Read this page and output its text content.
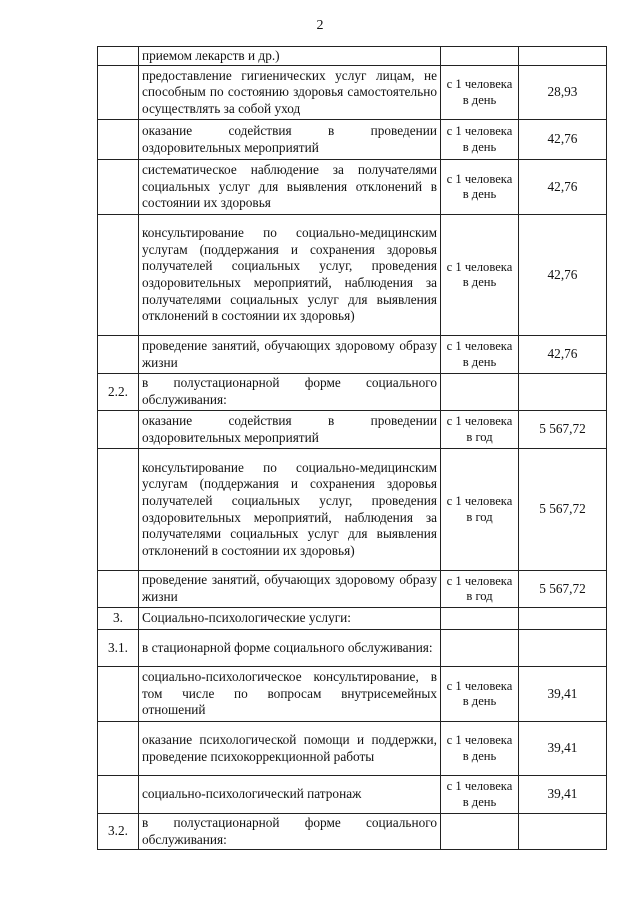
2
	приемом лекарств и др.)		
	предоставление гигиенических услуг лицам, не способным по состоянию здоровья самостоятельно осуществлять за собой уход	с 1 человека в день	28,93
	оказание содействия в проведении оздоровительных мероприятий	с 1 человека в день	42,76
	систематическое наблюдение за получателями социальных услуг для выявления отклонений в состоянии их здоровья	с 1 человека в день	42,76
	консультирование по социально-медицинским услугам (поддержания и сохранения здоровья получателей социальных услуг, проведения оздоровительных мероприятий, наблюдения за получателями социальных услуг для выявления отклонений в состоянии их здоровья)	с 1 человека в день	42,76
	проведение занятий, обучающих здоровому образу жизни	с 1 человека в день	42,76
2.2.	в полустационарной форме социального обслуживания:		
	оказание содействия в проведении оздоровительных мероприятий	с 1 человека в год	5 567,72
	консультирование по социально-медицинским услугам (поддержания и сохранения здоровья получателей социальных услуг, проведения оздоровительных мероприятий, наблюдения за получателями социальных услуг для выявления отклонений в состоянии их здоровья)	с 1 человека в год	5 567,72
	проведение занятий, обучающих здоровому образу жизни	с 1 человека в год	5 567,72
3.	Социально-психологические услуги:		
3.1.	в стационарной форме социального обслуживания:		
	социально-психологическое консультирование, в том числе по вопросам внутрисемейных отношений	с 1 человека в день	39,41
	оказание психологической помощи и поддержки, проведение психокоррекционной работы	с 1 человека в день	39,41
	социально-психологический патронаж	с 1 человека в день	39,41
3.2.	в полустационарной форме социального обслуживания:		
